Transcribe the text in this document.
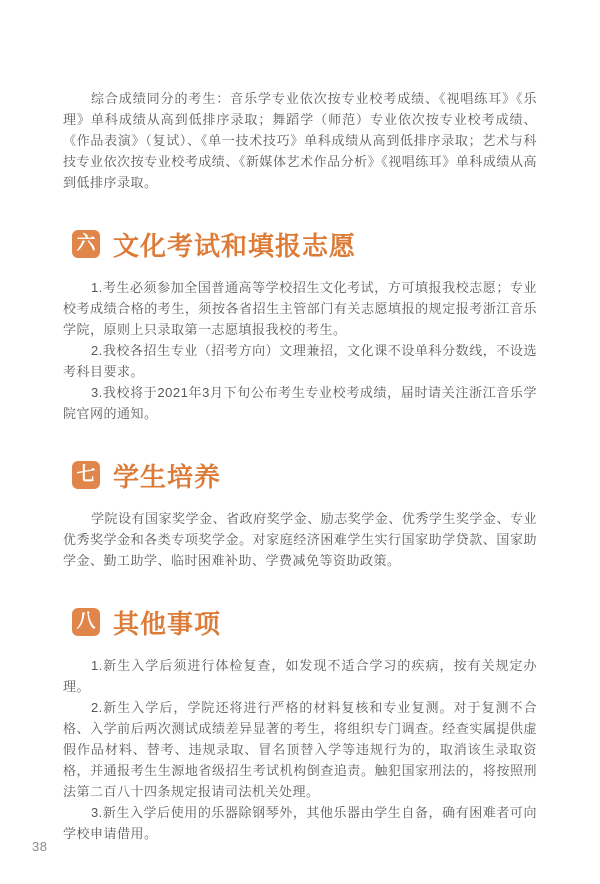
综合成绩同分的考生：音乐学专业依次按专业校考成绩、《视唱练耳》《乐理》单科成绩从高到低排序录取；舞蹈学（师范）专业依次按专业校考成绩、《作品表演》（复试）、《单一技术技巧》单科成绩从高到低排序录取；艺术与科技专业依次按专业校考成绩、《新媒体艺术作品分析》《视唱练耳》单科成绩从高到低排序录取。

六 文化考试和填报志愿

1.考生必须参加全国普通高等学校招生文化考试，方可填报我校志愿；专业校考成绩合格的考生，须按各省招生主管部门有关志愿填报的规定报考浙江音乐学院，原则上只录取第一志愿填报我校的考生。

2.我校各招生专业（招考方向）文理兼招，文化课不设单科分数线，不设选考科目要求。

3.我校将于2021年3月下旬公布考生专业校考成绩，届时请关注浙江音乐学院官网的通知。

七 学生培养

学院设有国家奖学金、省政府奖学金、励志奖学金、优秀学生奖学金、专业优秀奖学金和各类专项奖学金。对家庭经济困难学生实行国家助学贷款、国家助学金、勤工助学、临时困难补助、学费减免等资助政策。

八 其他事项

1.新生入学后须进行体检复查，如发现不适合学习的疾病，按有关规定办理。

2.新生入学后，学院还将进行严格的材料复核和专业复测。对于复测不合格、入学前后两次测试成绩差异显著的考生，将组织专门调查。经查实属提供虚假作品材料、替考、违规录取、冒名顶替入学等违规行为的，取消该生录取资格，并通报考生生源地省级招生考试机构倒查追责。触犯国家刑法的，将按照刑法第二百八十四条规定报请司法机关处理。

3.新生入学后使用的乐器除钢琴外，其他乐器由学生自备，确有困难者可向学校申请借用。

38
